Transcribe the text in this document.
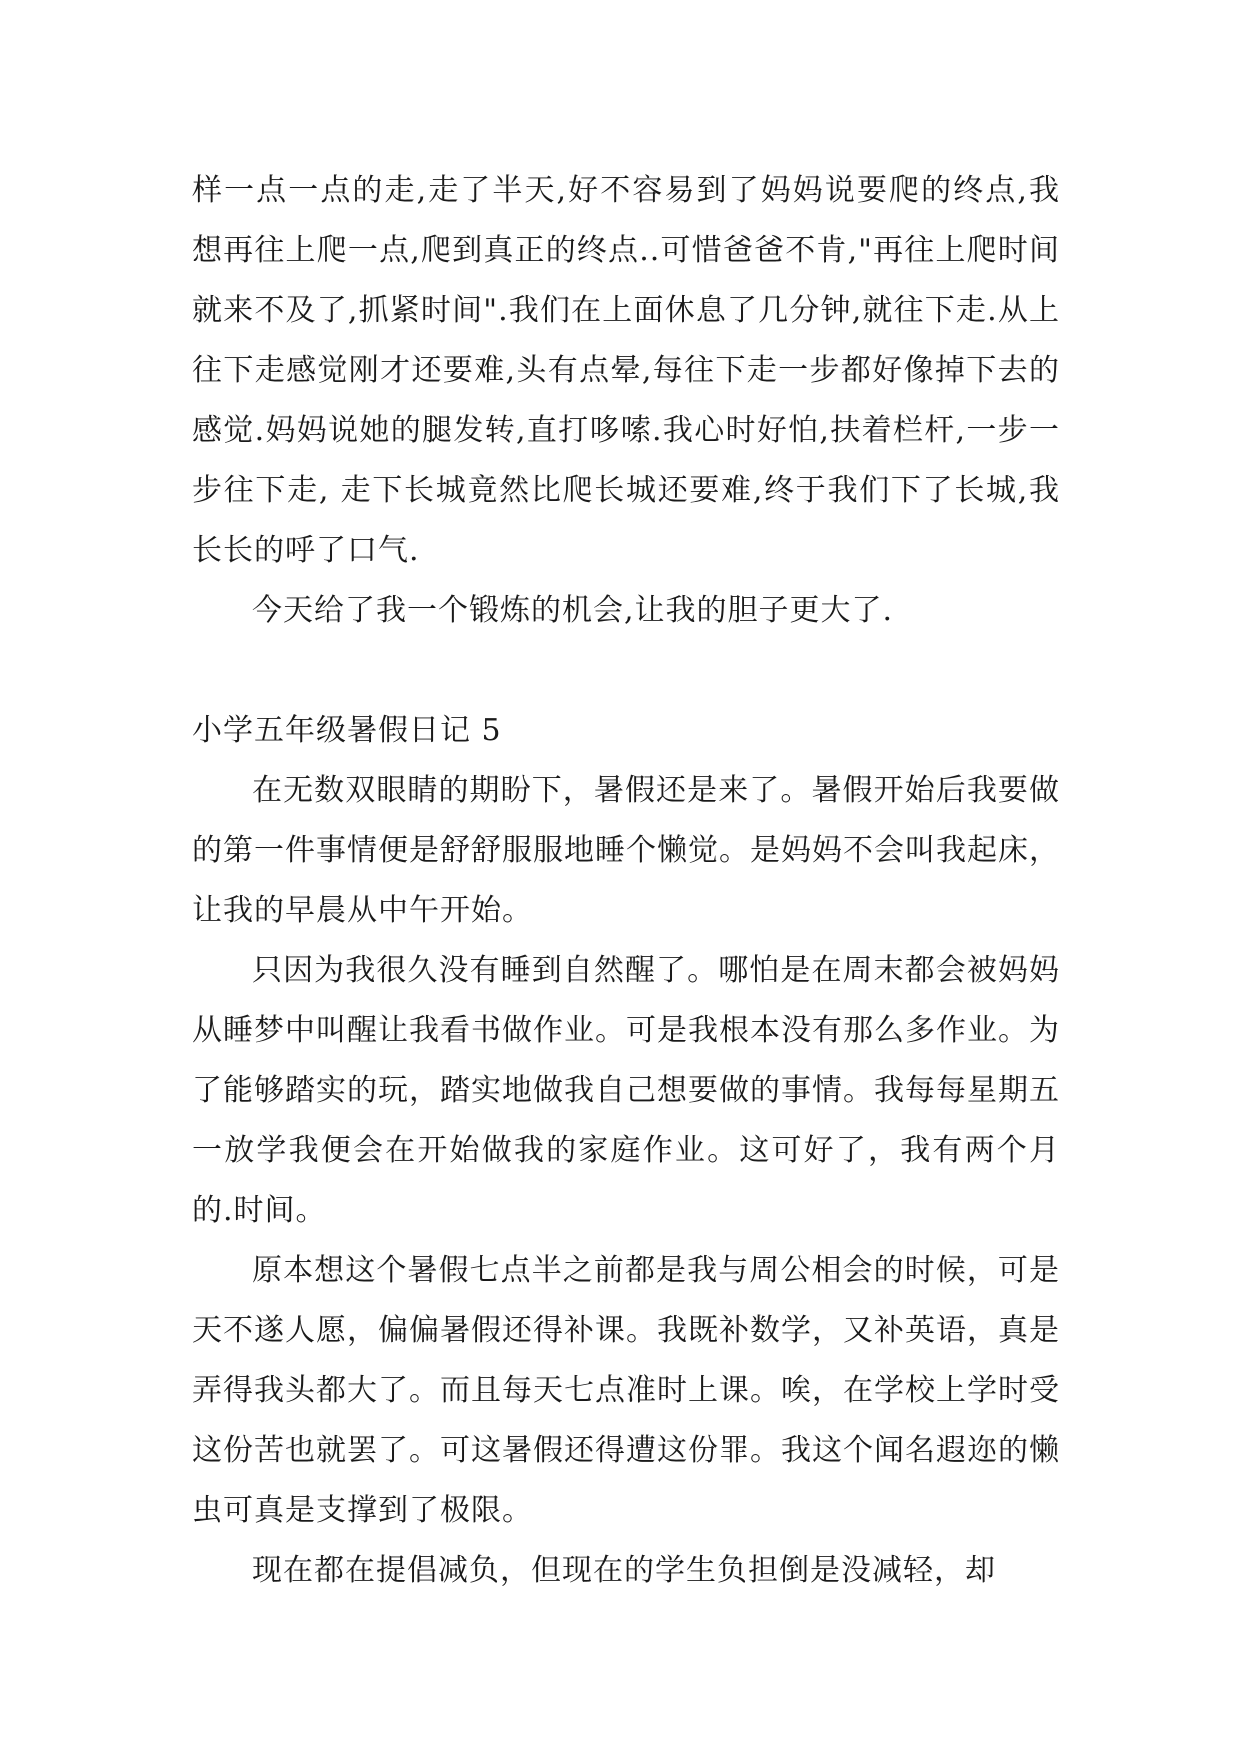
样一点一点的走,走了半天,好不容易到了妈妈说要爬的终点,我想再往上爬一点,爬到真正的终点..可惜爸爸不肯,"再往上爬时间就来不及了,抓紧时间".我们在上面休息了几分钟,就往下走.从上往下走感觉刚才还要难,头有点晕,每往下走一步都好像掉下去的感觉.妈妈说她的腿发转,直打哆嗦.我心时好怕,扶着栏杆,一步一步往下走, 走下长城竟然比爬长城还要难,终于我们下了长城,我长长的呼了口气.

今天给了我一个锻炼的机会,让我的胆子更大了.

小学五年级暑假日记 5

在无数双眼睛的期盼下，暑假还是来了。暑假开始后我要做的第一件事情便是舒舒服服地睡个懒觉。是妈妈不会叫我起床，让我的早晨从中午开始。

只因为我很久没有睡到自然醒了。哪怕是在周末都会被妈妈从睡梦中叫醒让我看书做作业。可是我根本没有那么多作业。为了能够踏实的玩，踏实地做我自己想要做的事情。我每每星期五一放学我便会在开始做我的家庭作业。这可好了，我有两个月的.时间。

原本想这个暑假七点半之前都是我与周公相会的时候，可是天不遂人愿，偏偏暑假还得补课。我既补数学，又补英语，真是弄得我头都大了。而且每天七点准时上课。唉，在学校上学时受这份苦也就罢了。可这暑假还得遭这份罪。我这个闻名遐迩的懒虫可真是支撑到了极限。

现在都在提倡减负，但现在的学生负担倒是没减轻，却
